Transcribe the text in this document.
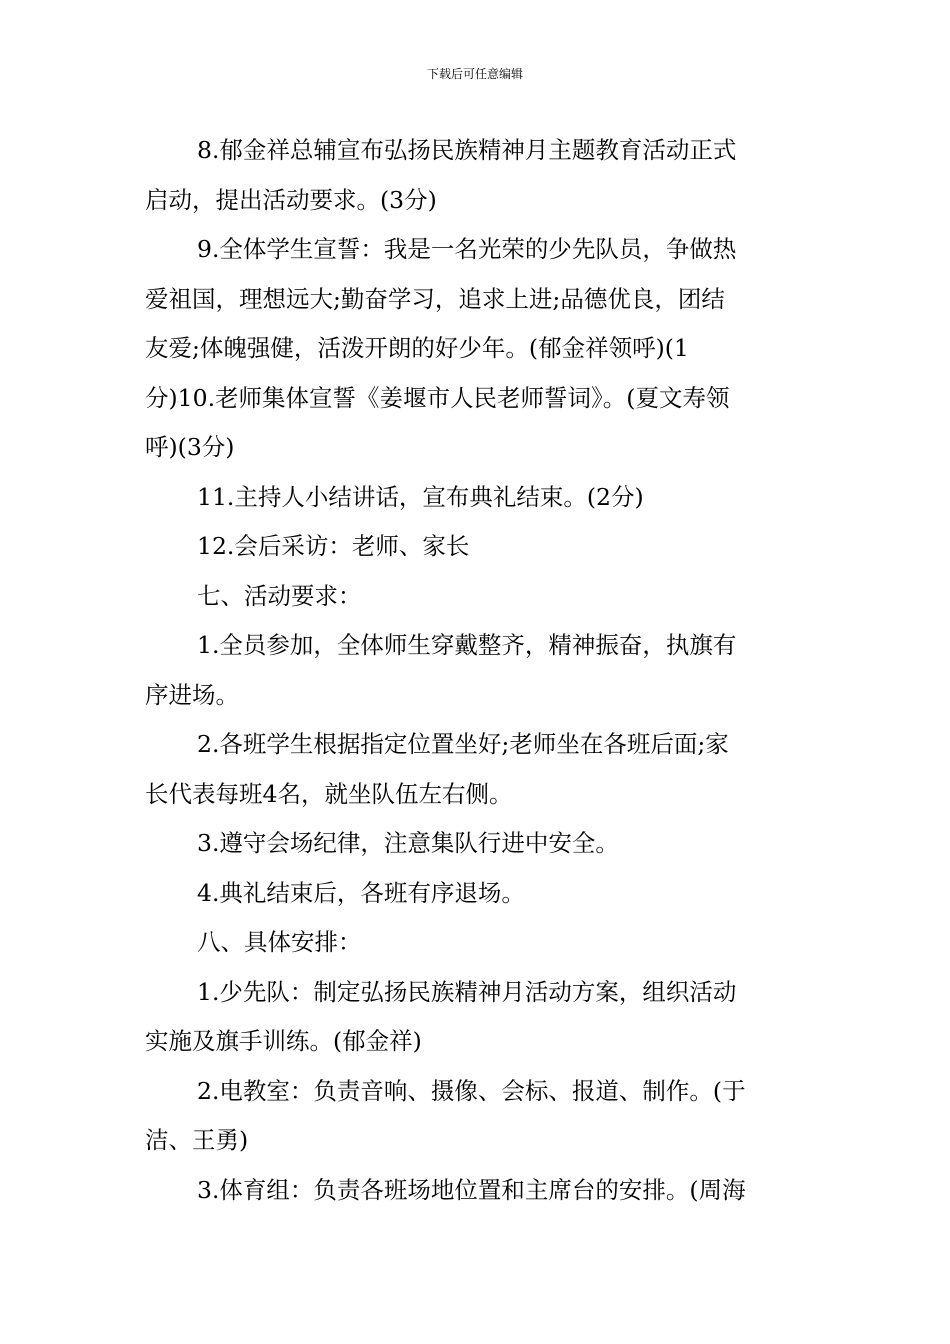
下载后可任意编辑

8.郁金祥总辅宣布弘扬民族精神月主题教育活动正式

启动，提出活动要求。(3分)

9.全体学生宣誓：我是一名光荣的少先队员，争做热

爱祖国，理想远大;勤奋学习，追求上进;品德优良，团结

友爱;体魄强健，活泼开朗的好少年。(郁金祥领呼)(1

分)10.老师集体宣誓《姜堰市人民老师誓词》。(夏文寿领

呼)(3分)

11.主持人小结讲话，宣布典礼结束。(2分)

12.会后采访：老师、家长

七、活动要求：

1.全员参加，全体师生穿戴整齐，精神振奋，执旗有

序进场。

2.各班学生根据指定位置坐好;老师坐在各班后面;家

长代表每班4名，就坐队伍左右侧。

3.遵守会场纪律，注意集队行进中安全。

4.典礼结束后，各班有序退场。

八、具体安排：

1.少先队：制定弘扬民族精神月活动方案，组织活动

实施及旗手训练。(郁金祥)

2.电教室：负责音响、摄像、会标、报道、制作。(于

洁、王勇)

3.体育组：负责各班场地位置和主席台的安排。(周海
